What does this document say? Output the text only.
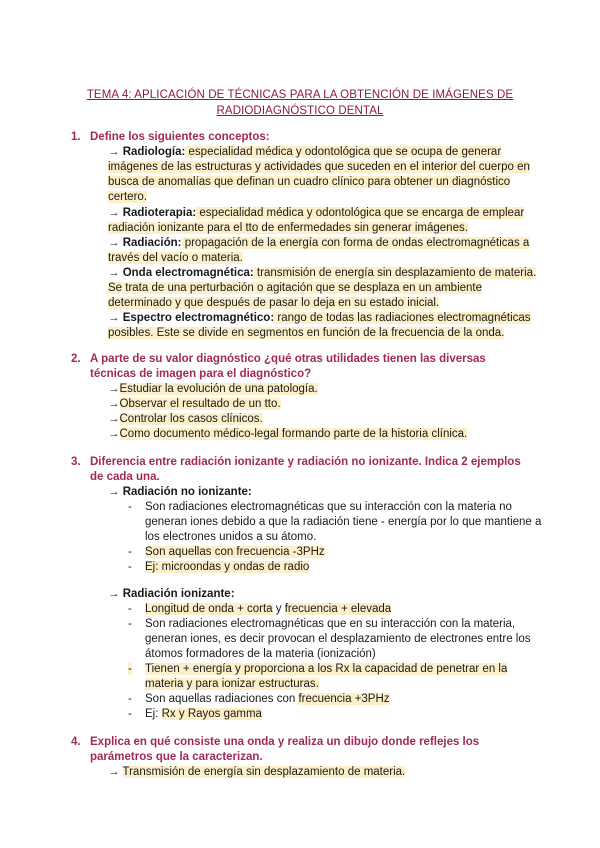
TEMA 4: APLICACIÓN DE TÉCNICAS PARA LA OBTENCIÓN DE IMÁGENES DE
RADIODIAGNÓSTICO DENTAL
1. Define los siguientes conceptos:
→ Radiología: especialidad médica y odontológica que se ocupa de generar
imágenes de las estructuras y actividades que suceden en el interior del cuerpo en
busca de anomalías que definan un cuadro clínico para obtener un diagnóstico
certero.
→ Radioterapia: especialidad médica y odontológica que se encarga de emplear
radiación ionizante para el tto de enfermedades sin generar imágenes.
→ Radiación: propagación de la energía con forma de ondas electromagnéticas a
través del vacío o materia.
→ Onda electromagnética: transmisión de energía sin desplazamiento de materia.
Se trata de una perturbación o agitación que se desplaza en un ambiente
determinado y que después de pasar lo deja en su estado inicial.
→ Espectro electromagnético: rango de todas las radiaciones electromagnéticas
posibles. Este se divide en segmentos en función de la frecuencia de la onda.
2. A parte de su valor diagnóstico ¿qué otras utilidades tienen las diversas
técnicas de imagen para el diagnóstico?
→Estudiar la evolución de una patología.
→Observar el resultado de un tto.
→Controlar los casos clínicos.
→Como documento médico-legal formando parte de la historia clínica.
3. Diferencia entre radiación ionizante y radiación no ionizante. Indica 2 ejemplos
de cada una.
→ Radiación no ionizante:
- Son radiaciones electromagnéticas que su interacción con la materia no
generan iones debido a que la radiación tiene - energía por lo que mantiene a
los electrones unidos a su átomo.
- Son aquellas con frecuencia -3PHz
- Ej: microondas y ondas de radio
→ Radiación ionizante:
- Longitud de onda + corta y frecuencia + elevada
- Son radiaciones electromagnéticas que en su interacción con la materia,
generan iones, es decir provocan el desplazamiento de electrones entre los
átomos formadores de la materia (ionización)
- Tienen + energía y proporciona a los Rx la capacidad de penetrar en la
materia y para ionizar estructuras.
- Son aquellas radiaciones con frecuencia +3PHz
- Ej: Rx y Rayos gamma
4. Explica en qué consiste una onda y realiza un dibujo donde reflejes los
parámetros que la caracterizan.
→ Transmisión de energía sin desplazamiento de materia.
